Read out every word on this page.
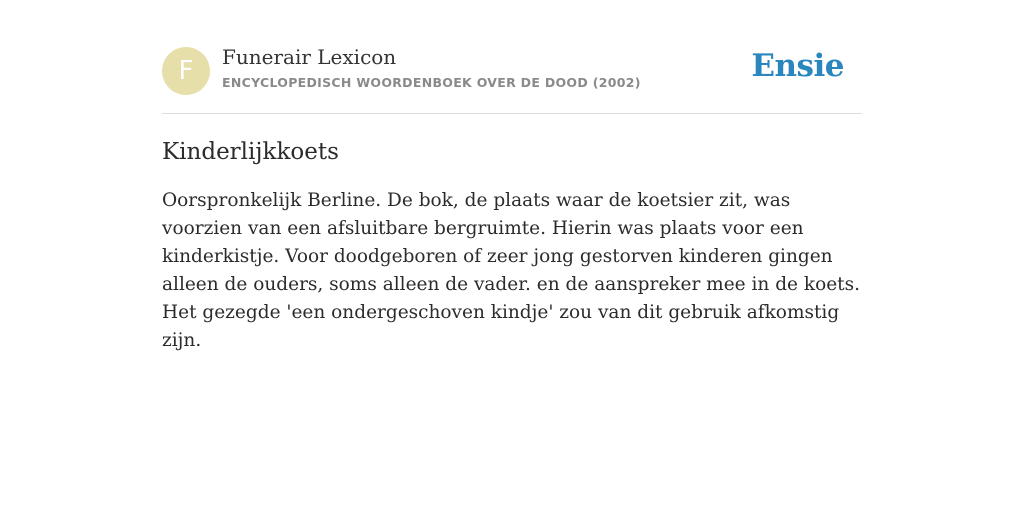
F	Funerair Lexicon
ENCYCLOPEDISCH WOORDENBOEK OVER DE DOOD (2002)	Ensie
Kinderlijkkoets

Oorspronkelijk Berline. De bok, de plaats waar de koetsier zit, was voorzien van een afsluitbare bergruimte. Hierin was plaats voor een kinderkistje. Voor doodgeboren of zeer jong gestorven kinderen gingen alleen de ouders, soms alleen de vader. en de aanspreker mee in de koets. Het gezegde 'een ondergeschoven kindje' zou van dit gebruik afkomstig zijn.
